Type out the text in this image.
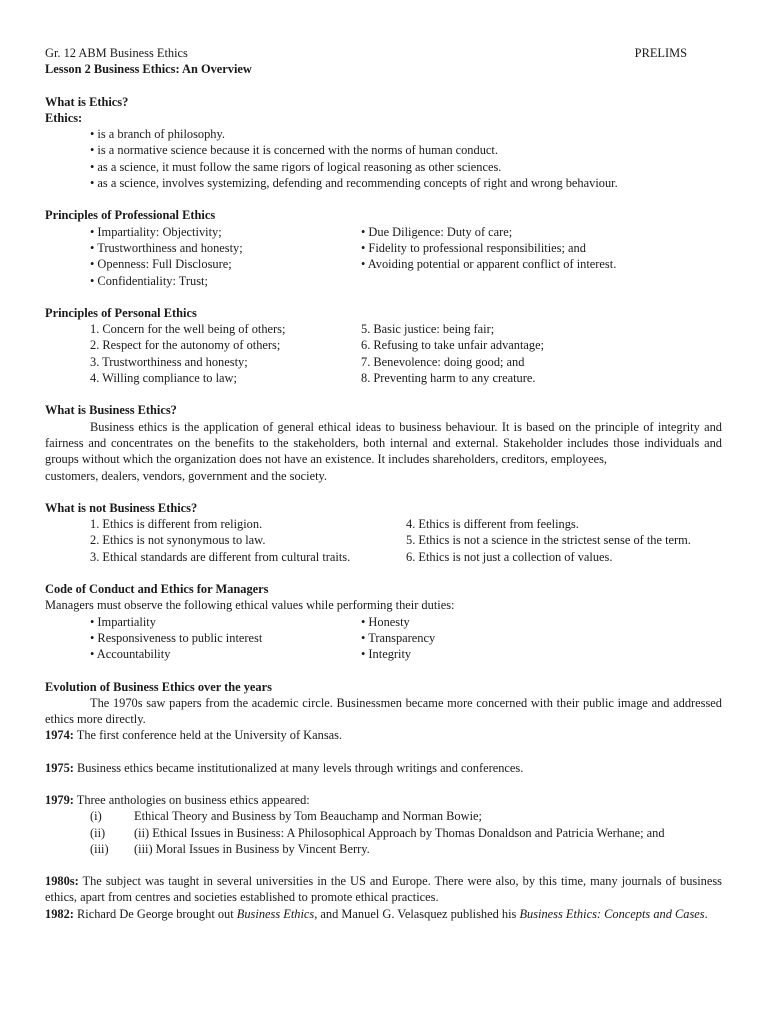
Gr. 12 ABM Business Ethics	PRELIMS
Lesson 2 Business Ethics: An Overview
What is Ethics?
Ethics:
• is a branch of philosophy.
• is a normative science because it is concerned with the norms of human conduct.
• as a science, it must follow the same rigors of logical reasoning as other sciences.
• as a science, involves systemizing, defending and recommending concepts of right and wrong behaviour.
Principles of Professional Ethics
• Impartiality: Objectivity;
• Trustworthiness and honesty;
• Openness: Full Disclosure;
• Confidentiality: Trust;
• Due Diligence: Duty of care;
• Fidelity to professional responsibilities; and
• Avoiding potential or apparent conflict of interest.
Principles of Personal Ethics
1. Concern for the well being of others;
2. Respect for the autonomy of others;
3. Trustworthiness and honesty;
4. Willing compliance to law;
5. Basic justice: being fair;
6. Refusing to take unfair advantage;
7. Benevolence: doing good; and
8. Preventing harm to any creature.
What is Business Ethics?
Business ethics is the application of general ethical ideas to business behaviour. It is based on the principle of integrity and fairness and concentrates on the benefits to the stakeholders, both internal and external. Stakeholder includes those individuals and groups without which the organization does not have an existence. It includes shareholders, creditors, employees,
customers, dealers, vendors, government and the society.
What is not Business Ethics?
1. Ethics is different from religion.
2. Ethics is not synonymous to law.
3. Ethical standards are different from cultural traits.
4. Ethics is different from feelings.
5. Ethics is not a science in the strictest sense of the term.
6. Ethics is not just a collection of values.
Code of Conduct and Ethics for Managers
Managers must observe the following ethical values while performing their duties:
• Impartiality
• Responsiveness to public interest
• Accountability
• Honesty
• Transparency
• Integrity
Evolution of Business Ethics over the years
The 1970s saw papers from the academic circle. Businessmen became more concerned with their public image and addressed ethics more directly.
1974: The first conference held at the University of Kansas.
1975: Business ethics became institutionalized at many levels through writings and conferences.
1979: Three anthologies on business ethics appeared:
(i)	Ethical Theory and Business by Tom Beauchamp and Norman Bowie;
(ii)	(ii) Ethical Issues in Business: A Philosophical Approach by Thomas Donaldson and Patricia Werhane; and
(iii)	(iii) Moral Issues in Business by Vincent Berry.
1980s: The subject was taught in several universities in the US and Europe. There were also, by this time, many journals of business ethics, apart from centres and societies established to promote ethical practices.
1982: Richard De George brought out Business Ethics, and Manuel G. Velasquez published his Business Ethics: Concepts and Cases.
